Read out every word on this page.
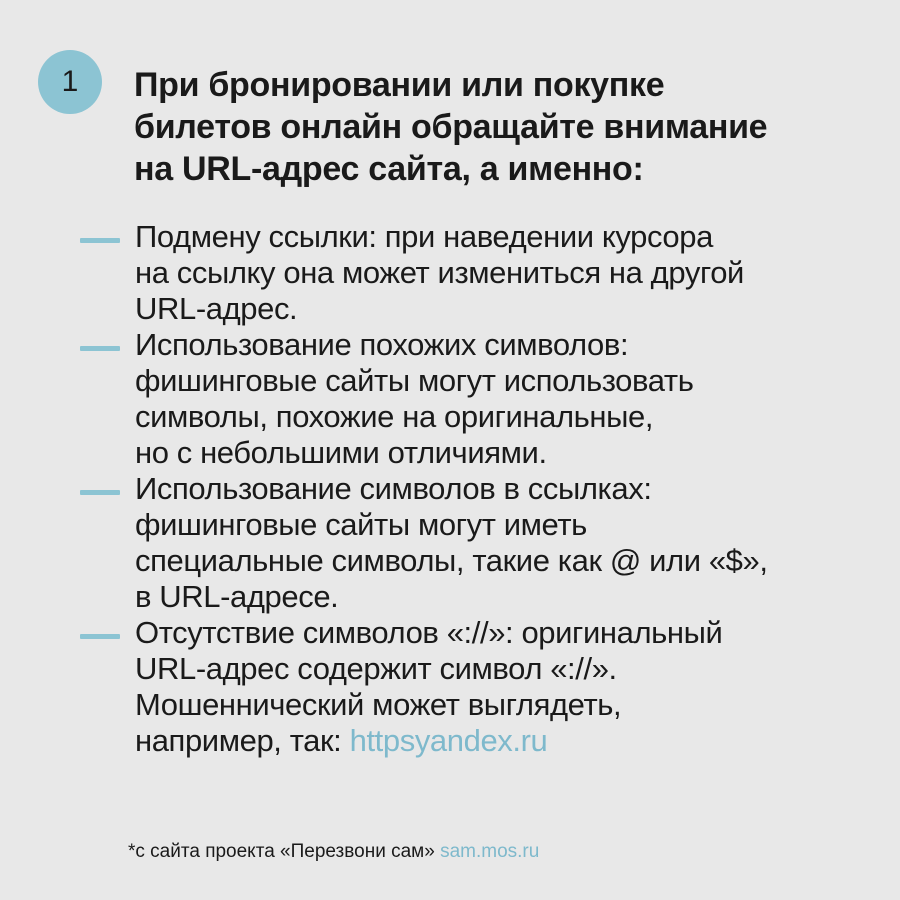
1	При бронировании или покупке
билетов онлайн обращайте внимание
на URL-адрес сайта, а именно:
Подмену ссылки: при наведении курсора
на ссылку она может измениться на другой
URL-адрес.
Использование похожих символов:
фишинговые сайты могут использовать
символы, похожие на оригинальные,
но с небольшими отличиями.
Использование символов в ссылках:
фишинговые сайты могут иметь
специальные символы, такие как @ или «$»,
в URL-адресе.
Отсутствие символов «://»: оригинальный
URL-адрес содержит символ «://».
Мошеннический может выглядеть,
например, так: httpsyandex.ru
*с сайта проекта «Перезвони сам» sam.mos.ru
